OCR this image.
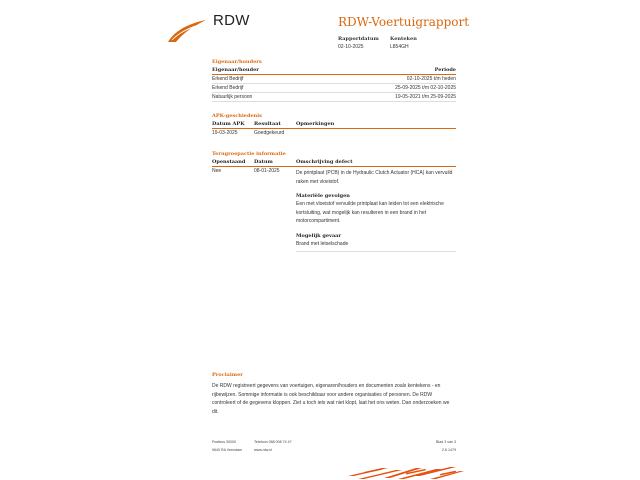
RDW	RDW-Voertuigrapport
Rapportdatum
02-10-2025
Kenteken
L854GH
Eigenaar/houders
Eigenaar/houder	Periode
Erkend Bedrijf	02-10-2025 t/m heden
Erkend Bedrijf	25-09-2025 t/m 02-10-2025
Natuurlijk persoon	19-05-2021 t/m 25-09-2025
APK-geschiedenis
Datum APK	Resultaat	Opmerkingen
19-03-2025	Goedgekeurd
Terugroepactie informatie
Openstaand	Datum	Omschrijving defect
Nee	08-01-2025	De printplaat (PCB) in de Hydraulic Clutch Actuator (HCA) kan vervuild raken met vloeistof.
Materiële gevolgen
Een met vloeistof vervuilde printplaat kan leiden tot een elektrische kortsluiting, wat mogelijk kan resulteren in een brand in het motorcompartiment.
Mogelijk gevaar
Brand met letselschade
Proclaimer
De RDW registreert gegevens van voertuigen, eigenaren/houders en documenten zoals kentekens - en rijbewijzen. Sommige informatie is ook beschikbaar voor andere organisaties of personen. De RDW controleert of de gegevens kloppen. Ziet u toch iets wat niet klopt, laat het ons weten. Dan onderzoeken we dit.
Postbus 30000
9640 RA Veendam
Telefoon 088 008 74 47
www.rdw.nl
Blad 3 van 3
2.6 1479
